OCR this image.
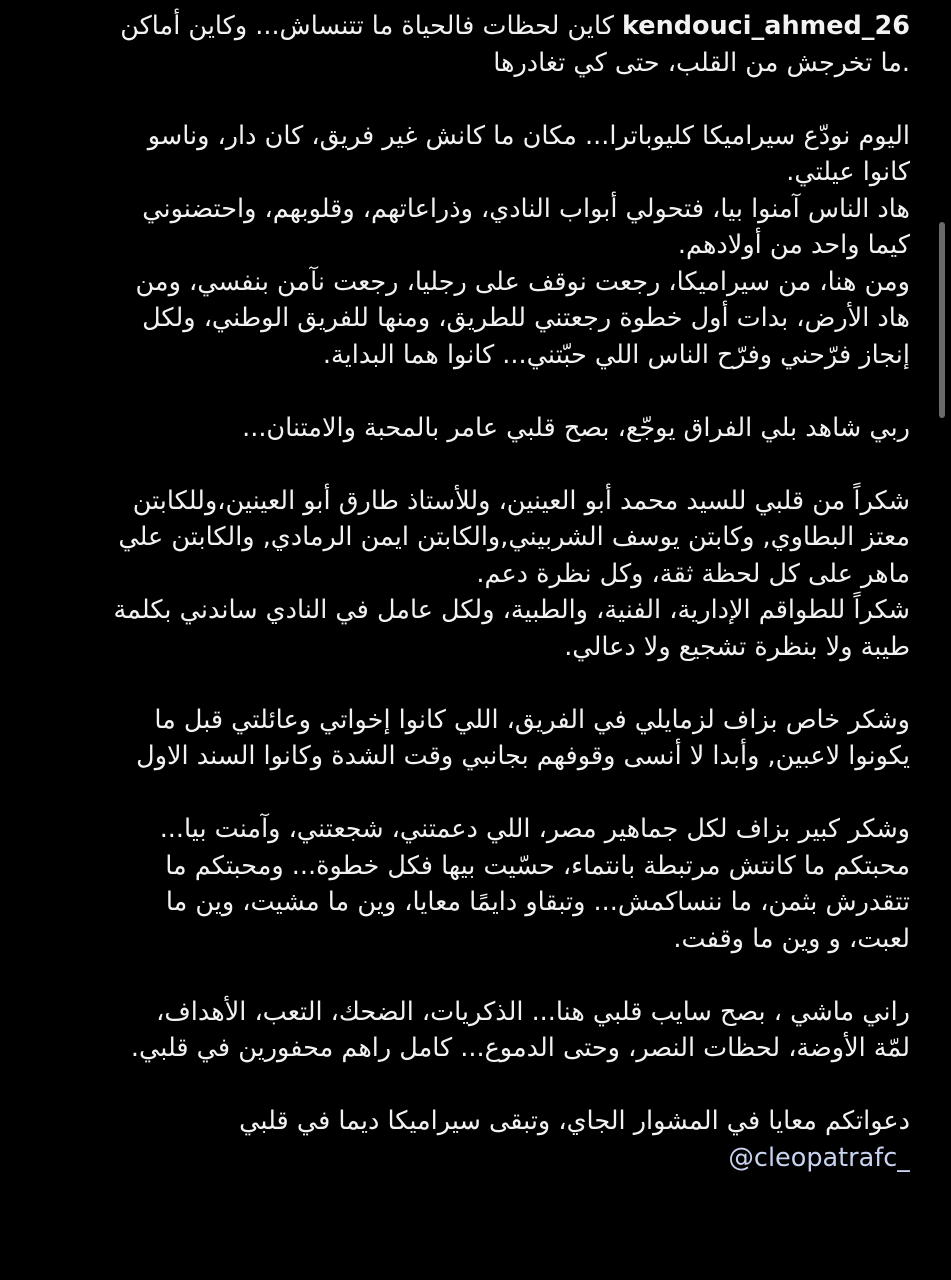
kendouci_ahmed_26 كاين لحظات فالحياة ما تتنساش... وكاين أماكن
.ما تخرجش من القلب، حتى كي تغادرها
اليوم نودّع سيراميكا كليوباترا... مكان ما كانش غير فريق، كان دار، وناسو
كانوا عيلتي.
هاد الناس آمنوا بيا، فتحولي أبواب النادي، وذراعاتهم، وقلوبهم، واحتضنوني
كيما واحد من أولادهم.
ومن هنا، من سيراميكا، رجعت نوقف على رجليا، رجعت نآمن بنفسي، ومن
هاد الأرض، بدات أول خطوة رجعتني للطريق، ومنها للفريق الوطني، ولكل
إنجاز فرّحني وفرّح الناس اللي حبّتني... كانوا هما البداية.
ربي شاهد بلي الفراق يوجّع، بصح قلبي عامر بالمحبة والامتنان...
شكراً من قلبي للسيد محمد أبو العينين، وللأستاذ طارق أبو العينين،وللكابتن
معتز البطاوي, وكابتن يوسف الشربيني,والكابتن ايمن الرمادي, والكابتن علي
ماهر على كل لحظة ثقة، وكل نظرة دعم.
شكراً للطواقم الإدارية، الفنية، والطبية، ولكل عامل في النادي ساندني بكلمة
طيبة ولا بنظرة تشجيع ولا دعالي.
وشكر خاص بزاف لزمايلي في الفريق، اللي كانوا إخواتي وعائلتي قبل ما
يكونوا لاعبين, وأبدا لا أنسى وقوفهم بجانبي وقت الشدة وكانوا السند الاول
وشكر كبير بزاف لكل جماهير مصر، اللي دعمتني، شجعتني، وآمنت بيا...
محبتكم ما كانتش مرتبطة بانتماء، حسّيت بيها فكل خطوة... ومحبتكم ما
تتقدرش بثمن، ما ننساكمش... وتبقاو دايمًا معايا، وين ما مشيت، وين ما
لعبت، و وين ما وقفت.
راني ماشي ، بصح سايب قلبي هنا... الذكريات، الضحك، التعب، الأهداف،
لمّة الأوضة، لحظات النصر، وحتى الدموع... كامل راهم محفورين في قلبي.
دعواتكم معايا في المشوار الجاي، وتبقى سيراميكا ديما في قلبي
@cleopatrafc_
